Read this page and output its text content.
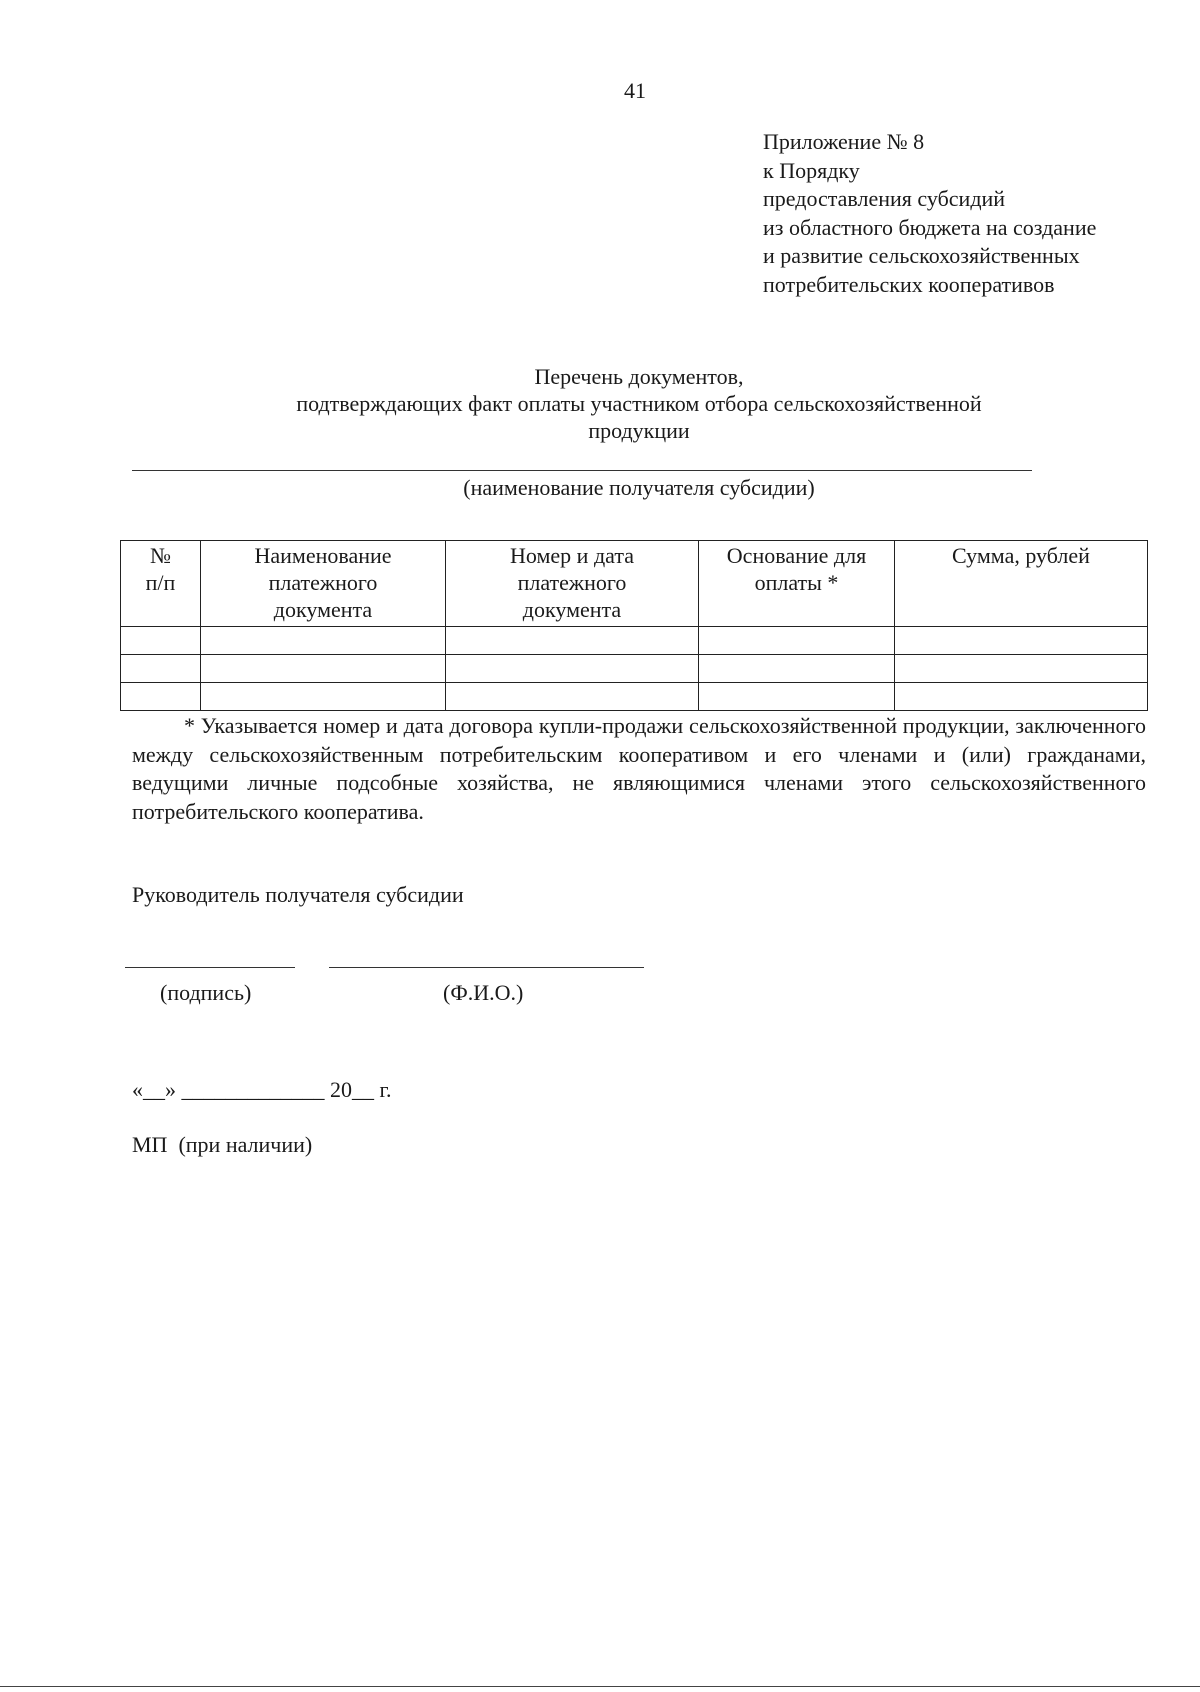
41
Приложение № 8
к Порядку
предоставления субсидий
из областного бюджета на создание
и развитие сельскохозяйственных
потребительских кооперативов
Перечень документов,
подтверждающих факт оплаты участником отбора сельскохозяйственной
продукции
(наименование получателя субсидии)
№ п/п	Наименование платежного документа	Номер и дата платежного документа	Основание для оплаты *	Сумма, рублей

* Указывается номер и дата договора купли-продажи сельскохозяйственной продукции, заключенного между сельскохозяйственным потребительским кооперативом и его членами и (или) гражданами, ведущими личные подсобные хозяйства, не являющимися членами этого сельскохозяйственного потребительского кооператива.

Руководитель получателя субсидии
(подпись)	(Ф.И.О.)
«__» _____________ 20__ г.
МП  (при наличии)
